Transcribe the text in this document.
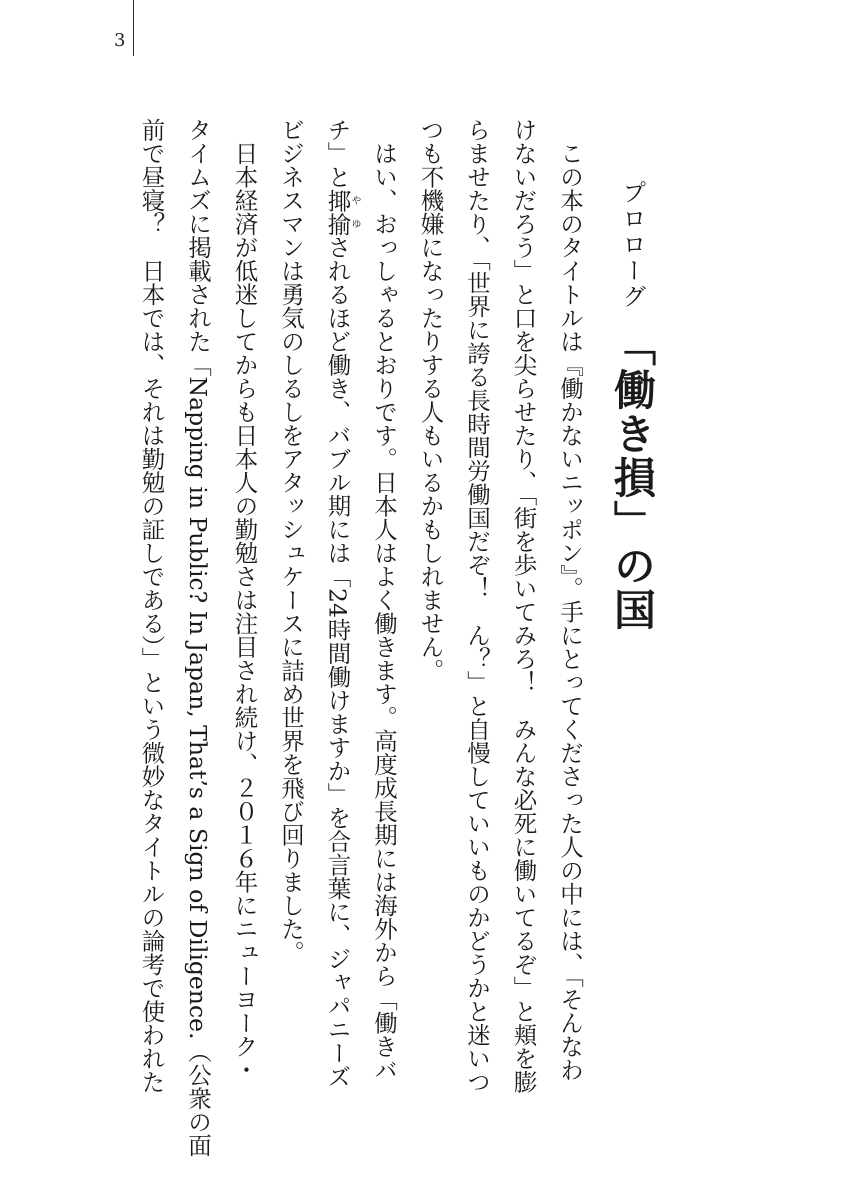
3
プロローグ「働き損」の国
　この本のタイトルは『働かないニッポン』。手にとってくださった人の中には、「そんなわ
けないだろう」と口を尖らせたり、「街を歩いてみろ！　みんな必死に働いてるぞ」と頬を膨
らませたり、「世界に誇る長時間労働国だぞ！　ん？」と自慢していいものかどうかと迷いつ
つも不機嫌になったりする人もいるかもしれません。
　はい、おっしゃるとおりです。日本人はよく働きます。高度成長期には海外から「働きバ
チ」と揶揄やゆされるほど働き、バブル期には「24時間働けますか」を合言葉に、ジャパニーズ
ビジネスマンは勇気のしるしをアタッシュケースに詰め世界を飛び回りました。
　日本経済が低迷してからも日本人の勤勉さは注目され続け、２０１６年にニューヨーク・
タイムズに掲載された「Napping in Public? In Japan, That’s a Sign of Diligence.（公衆の面
前で昼寝？　日本では、それは勤勉の証しである）」という微妙なタイトルの論考で使われた
